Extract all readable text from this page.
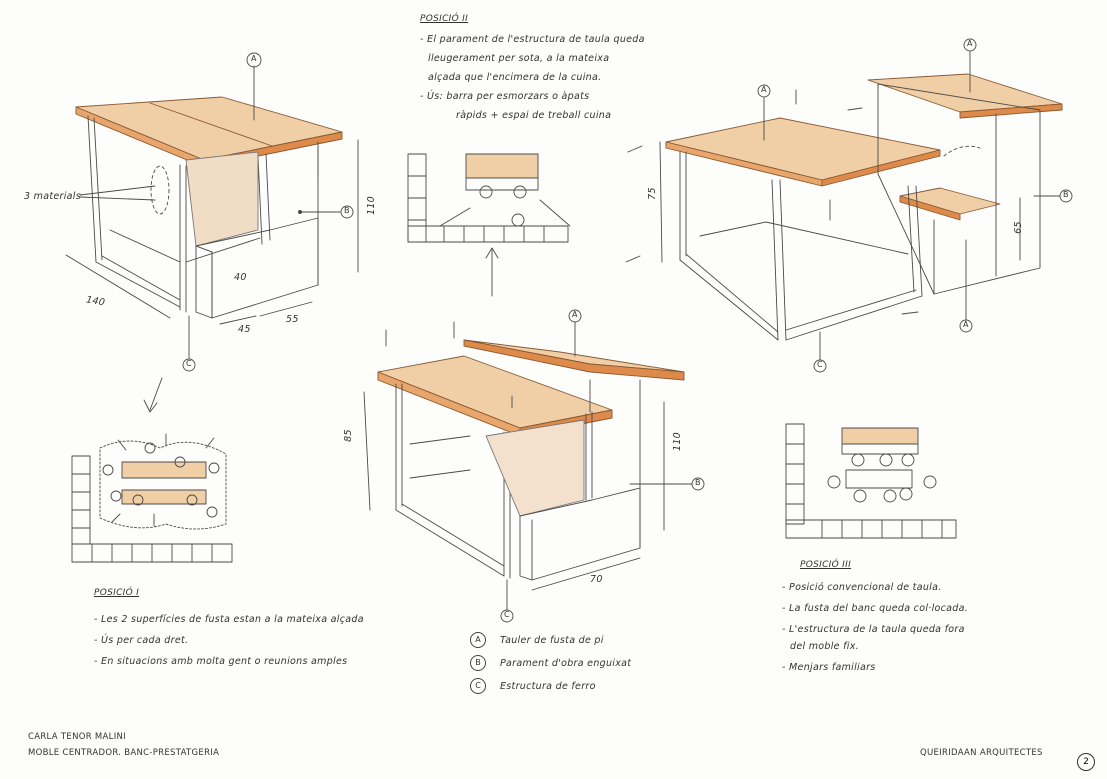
3 materials
140
110
40
45
55
85	110
70
75
65
A
B
C
A
B
C
A
A
B
A
C
POSICIÓ II
- El parament de l'estructura de taula queda
lleugerament per sota, a la mateixa
alçada que l'encimera de la cuina.
- Ús: barra per esmorzars o àpats
ràpids + espai de treball cuina
POSICIÓ I
- Les 2 superfícies de fusta estan a la mateixa alçada
- Ús per cada dret.
- En situacions amb molta gent o reunions amples
POSICIÓ III
- Posició convencional de taula.
- La fusta del banc queda col·locada.
- L'estructura de la taula queda fora
del moble fix.
- Menjars familiars
A	Tauler de fusta de pi
B	Parament d'obra enguixat
C	Estructura de ferro
CARLA TENOR MALINI
MOBLE CENTRADOR. BANC-PRESTATGERIA	QUEIRIDAAN ARQUITECTES
2
